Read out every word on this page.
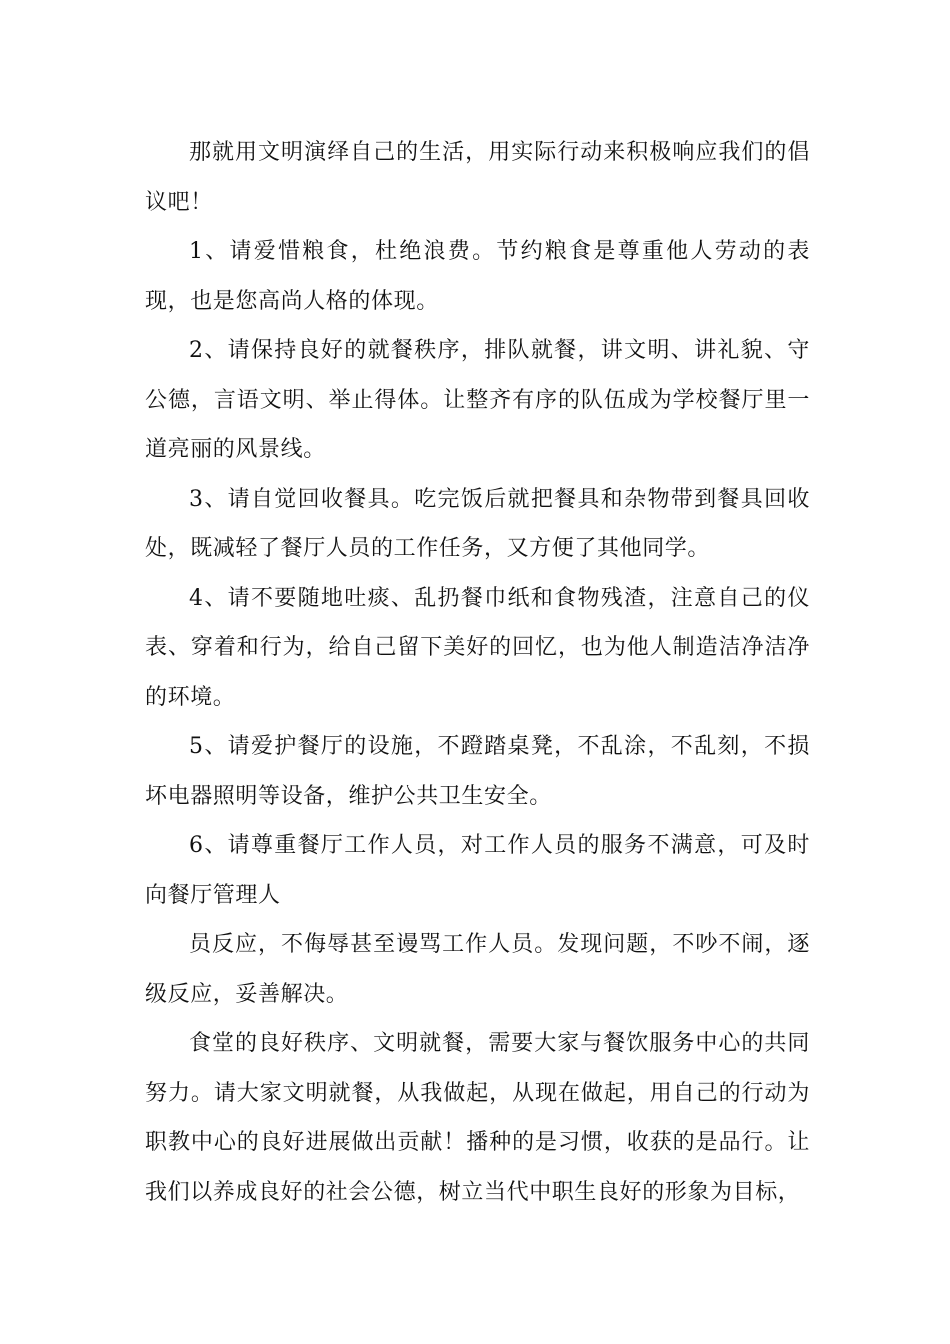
那就用文明演绎自己的生活，用实际行动来积极响应我们的倡议吧！

1、请爱惜粮食，杜绝浪费。节约粮食是尊重他人劳动的表现，也是您高尚人格的体现。

2、请保持良好的就餐秩序，排队就餐，讲文明、讲礼貌、守公德，言语文明、举止得体。让整齐有序的队伍成为学校餐厅里一道亮丽的风景线。

3、请自觉回收餐具。吃完饭后就把餐具和杂物带到餐具回收处，既减轻了餐厅人员的工作任务，又方便了其他同学。

4、请不要随地吐痰、乱扔餐巾纸和食物残渣，注意自己的仪表、穿着和行为，给自己留下美好的回忆，也为他人制造洁净洁净的环境。

5、请爱护餐厅的设施，不蹬踏桌凳，不乱涂，不乱刻，不损坏电器照明等设备，维护公共卫生安全。

6、请尊重餐厅工作人员，对工作人员的服务不满意，可及时向餐厅管理人

员反应，不侮辱甚至谩骂工作人员。发现问题，不吵不闹，逐级反应，妥善解决。

食堂的良好秩序、文明就餐，需要大家与餐饮服务中心的共同努力。请大家文明就餐，从我做起，从现在做起，用自己的行动为职教中心的良好进展做出贡献！播种的是习惯，收获的是品行。让我们以养成良好的社会公德，树立当代中职生良好的形象为目标，
